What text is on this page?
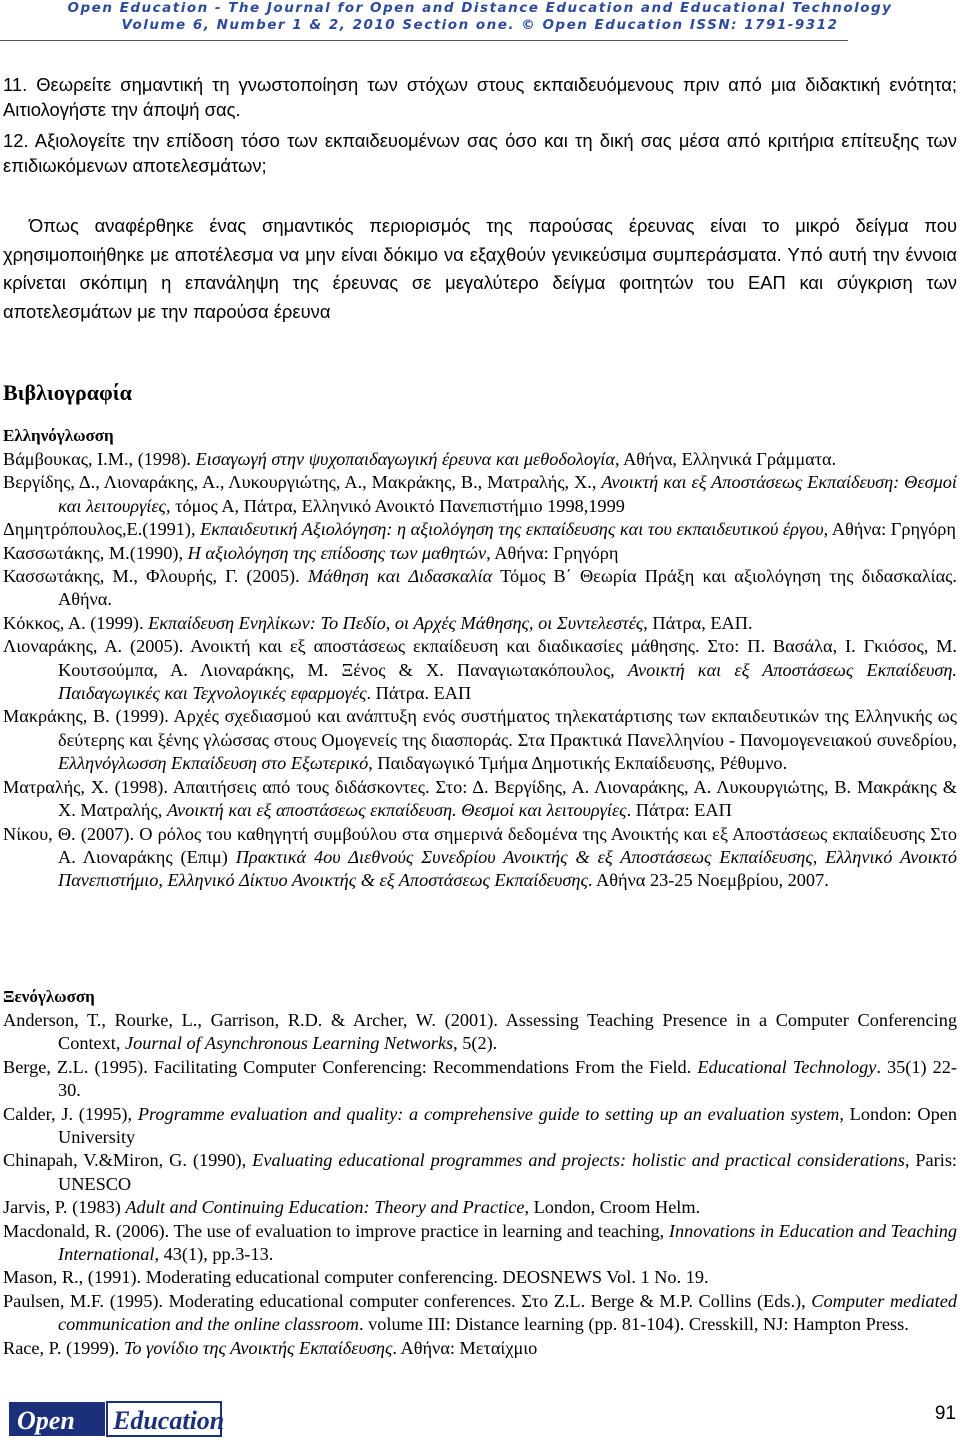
Open Education - The Journal for Open and Distance Education and Educational Technology
Volume 6, Number 1 & 2, 2010 Section one. © Open Education ISSN: 1791-9312
11. Θεωρείτε σημαντική τη γνωστοποίηση των στόχων στους εκπαιδευόμενους πριν από μια διδακτική ενότητα; Αιτιολογήστε την άποψή σας.
12. Αξιολογείτε την επίδοση τόσο των εκπαιδευομένων σας όσο και τη δική σας μέσα από κριτήρια επίτευξης των επιδιωκόμενων αποτελεσμάτων;
Όπως αναφέρθηκε ένας σημαντικός περιορισμός της παρούσας έρευνας είναι το μικρό δείγμα που χρησιμοποιήθηκε με αποτέλεσμα να μην είναι δόκιμο να εξαχθούν γενικεύσιμα συμπεράσματα. Υπό αυτή την έννοια κρίνεται σκόπιμη η επανάληψη της έρευνας σε μεγαλύτερο δείγμα φοιτητών του ΕΑΠ και σύγκριση των αποτελεσμάτων με την παρούσα έρευνα
Βιβλιογραφία
Ελληνόγλωσση

Βάμβουκας, Ι.Μ., (1998). Εισαγωγή στην ψυχοπαιδαγωγική έρευνα και μεθοδολογία, Αθήνα, Ελληνικά Γράμματα.

Βεργίδης, Δ., Λιοναράκης, Α., Λυκουργιώτης, Α., Μακράκης, Β., Ματραλής, Χ., Ανοικτή και εξ Αποστάσεως Εκπαίδευση: Θεσμοί και λειτουργίες, τόμος Α, Πάτρα, Ελληνικό Ανοικτό Πανεπιστήμιο 1998,1999

Δημητρόπουλος,Ε.(1991), Εκπαιδευτική Αξιολόγηση: η αξιολόγηση της εκπαίδευσης και του εκπαιδευτικού έργου, Αθήνα: Γρηγόρη

Κασσωτάκης, Μ.(1990), Η αξιολόγηση της επίδοσης των μαθητών, Αθήνα: Γρηγόρη

Κασσωτάκης, Μ., Φλουρής, Γ. (2005). Μάθηση και Διδασκαλία Τόμος Β΄ Θεωρία Πράξη και αξιολόγηση της διδασκαλίας. Αθήνα.

Κόκκος, Α. (1999). Εκπαίδευση Ενηλίκων: Το Πεδίο, οι Αρχές Μάθησης, οι Συντελεστές, Πάτρα, ΕΑΠ.

Λιοναράκης, Α. (2005). Ανοικτή και εξ αποστάσεως εκπαίδευση και διαδικασίες μάθησης. Στο: Π. Βασάλα, Ι. Γκιόσος, Μ. Κουτσούμπα, Α. Λιοναράκης, Μ. Ξένος & Χ. Παναγιωτακόπουλος, Ανοικτή και εξ Αποστάσεως Εκπαίδευση. Παιδαγωγικές και Τεχνολογικές εφαρμογές. Πάτρα. ΕΑΠ

Μακράκης, Β. (1999). Αρχές σχεδιασμού και ανάπτυξη ενός συστήματος τηλεκατάρτισης των εκπαιδευτικών της Ελληνικής ως δεύτερης και ξένης γλώσσας στους Ομογενείς της διασποράς. Στα Πρακτικά Πανελληνίου - Πανομογενειακού συνεδρίου, Ελληνόγλωσση Εκπαίδευση στο Εξωτερικό, Παιδαγωγικό Τμήμα Δημοτικής Εκπαίδευσης, Ρέθυμνο.

Ματραλής, Χ. (1998). Απαιτήσεις από τους διδάσκοντες. Στο: Δ. Βεργίδης, Α. Λιοναράκης, Α. Λυκουργιώτης, Β. Μακράκης & Χ. Ματραλής, Ανοικτή και εξ αποστάσεως εκπαίδευση. Θεσμοί και λειτουργίες. Πάτρα: ΕΑΠ

Νίκου, Θ. (2007). Ο ρόλος του καθηγητή συμβούλου στα σημερινά δεδομένα της Ανοικτής και εξ Αποστάσεως εκπαίδευσης Στο Α. Λιοναράκης (Επιμ) Πρακτικά 4ου Διεθνούς Συνεδρίου Ανοικτής & εξ Αποστάσεως Εκπαίδευσης, Ελληνικό Ανοικτό Πανεπιστήμιο, Ελληνικό Δίκτυο Ανοικτής & εξ Αποστάσεως Εκπαίδευσης. Αθήνα 23-25 Νοεμβρίου, 2007.

Ξενόγλωσση

Anderson, T., Rourke, L., Garrison, R.D. & Archer, W. (2001). Assessing Teaching Presence in a Computer Conferencing Context, Journal of Asynchronous Learning Networks, 5(2).

Berge, Z.L. (1995). Facilitating Computer Conferencing: Recommendations From the Field. Educational Technology. 35(1) 22-30.

Calder, J. (1995), Programme evaluation and quality: a comprehensive guide to setting up an evaluation system, London: Open University

Chinapah, V.&Miron, G. (1990), Evaluating educational programmes and projects: holistic and practical considerations, Paris: UNESCO

Jarvis, P. (1983) Adult and Continuing Education: Theory and Practice, London, Croom Helm.

Macdonald, R. (2006). The use of evaluation to improve practice in learning and teaching, Innovations in Education and Teaching International, 43(1), pp.3-13.

Mason, R., (1991). Moderating educational computer conferencing. DEOSNEWS Vol. 1 No. 19.

Paulsen, M.F. (1995). Moderating educational computer conferences. Στο Z.L. Berge & M.P. Collins (Eds.), Computer mediated communication and the online classroom. volume III: Distance learning (pp. 81-104). Cresskill, NJ: Hampton Press.

Race, P. (1999). Το γονίδιο της Ανοικτής Εκπαίδευσης. Αθήνα: Μεταίχμιο

Open Education	91
